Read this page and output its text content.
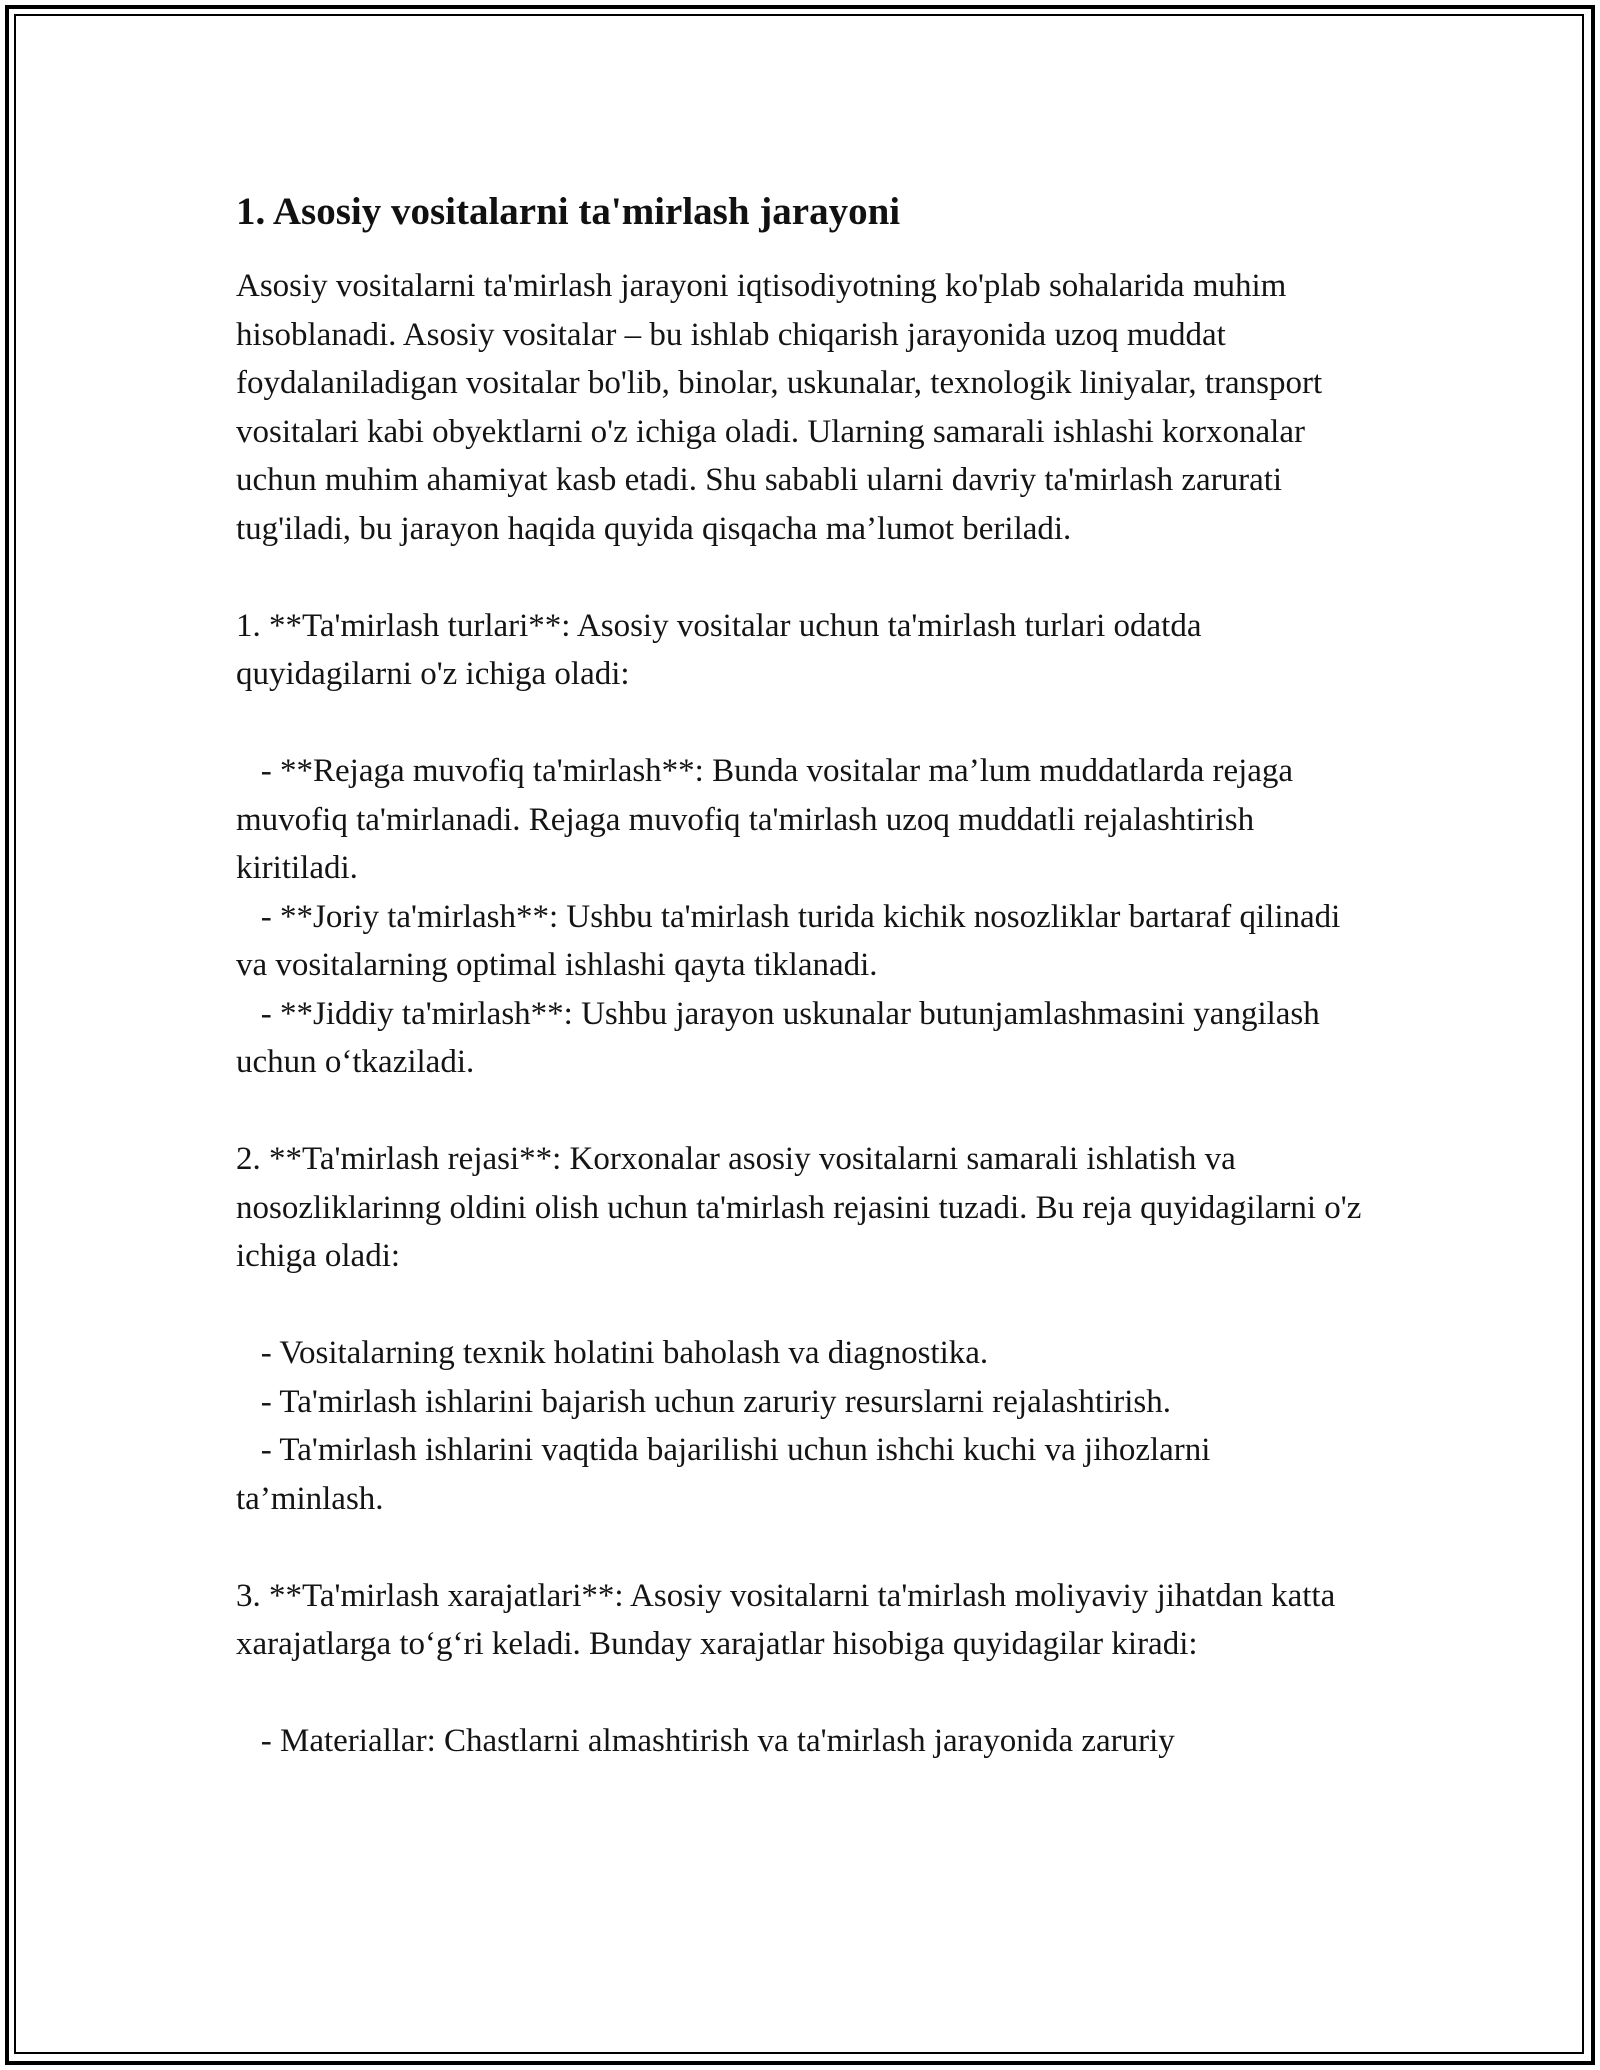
1. Asosiy vositalarni ta'mirlash jarayoni

Asosiy vositalarni ta'mirlash jarayoni iqtisodiyotning ko'plab sohalarida muhim hisoblanadi. Asosiy vositalar – bu ishlab chiqarish jarayonida uzoq muddat foydalaniladigan vositalar bo'lib, binolar, uskunalar, texnologik liniyalar, transport vositalari kabi obyektlarni o'z ichiga oladi. Ularning samarali ishlashi korxonalar uchun muhim ahamiyat kasb etadi. Shu sababli ularni davriy ta'mirlash zarurati tug'iladi, bu jarayon haqida quyida qisqacha ma’lumot beriladi.

1. **Ta'mirlash turlari**: Asosiy vositalar uchun ta'mirlash turlari odatda quyidagilarni o'z ichiga oladi:

- **Rejaga muvofiq ta'mirlash**: Bunda vositalar ma’lum muddatlarda rejaga muvofiq ta'mirlanadi. Rejaga muvofiq ta'mirlash uzoq muddatli rejalashtirish kiritiladi.

- **Joriy ta'mirlash**: Ushbu ta'mirlash turida kichik nosozliklar bartaraf qilinadi va vositalarning optimal ishlashi qayta tiklanadi.

- **Jiddiy ta'mirlash**: Ushbu jarayon uskunalar butunjamlashmasini yangilash uchun o‘tkaziladi.

2. **Ta'mirlash rejasi**: Korxonalar asosiy vositalarni samarali ishlatish va nosozliklarinng oldini olish uchun ta'mirlash rejasini tuzadi. Bu reja quyidagilarni o'z ichiga oladi:

- Vositalarning texnik holatini baholash va diagnostika.

- Ta'mirlash ishlarini bajarish uchun zaruriy resurslarni rejalashtirish.

- Ta'mirlash ishlarini vaqtida bajarilishi uchun ishchi kuchi va jihozlarni ta’minlash.

3. **Ta'mirlash xarajatlari**: Asosiy vositalarni ta'mirlash moliyaviy jihatdan katta xarajatlarga to‘g‘ri keladi. Bunday xarajatlar hisobiga quyidagilar kiradi:

- Materiallar: Chastlarni almashtirish va ta'mirlash jarayonida zaruriy
